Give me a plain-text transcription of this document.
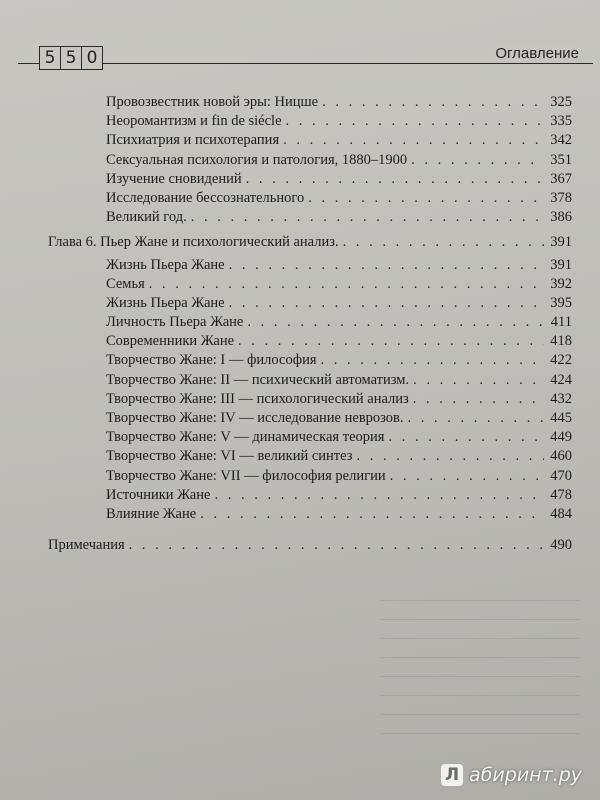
5 5 0	Оглавление
Провозвестник новой эры: Ницше . . .	325
Неоромантизм и fin de siécle . . .	335
Психиатрия и психотерапия . . .	342
Сексуальная психология и патология, 1880–1900 . . .	351
Изучение сновидений . . .	367
Исследование бессознательного . . .	378
Великий год. . . .	386
Глава 6. Пьер Жане и психологический анализ. . . .	391
Жизнь Пьера Жане . . .	391
Семья . . .	392
Жизнь Пьера Жане . . .	395
Личность Пьера Жане . . .	411
Современники Жане . . .	418
Творчество Жане: I — философия . . .	422
Творчество Жане: II — психический автоматизм. . . .	424
Творчество Жане: III — психологический анализ . . .	432
Творчество Жане: IV — исследование неврозов. . . .	445
Творчество Жане: V — динамическая теория . . .	449
Творчество Жане: VI — великий синтез . . .	460
Творчество Жане: VII — философия религии . . .	470
Источники Жане . . .	478
Влияние Жане . . .	484
Примечания . . .	490
Л абиринт.ру
